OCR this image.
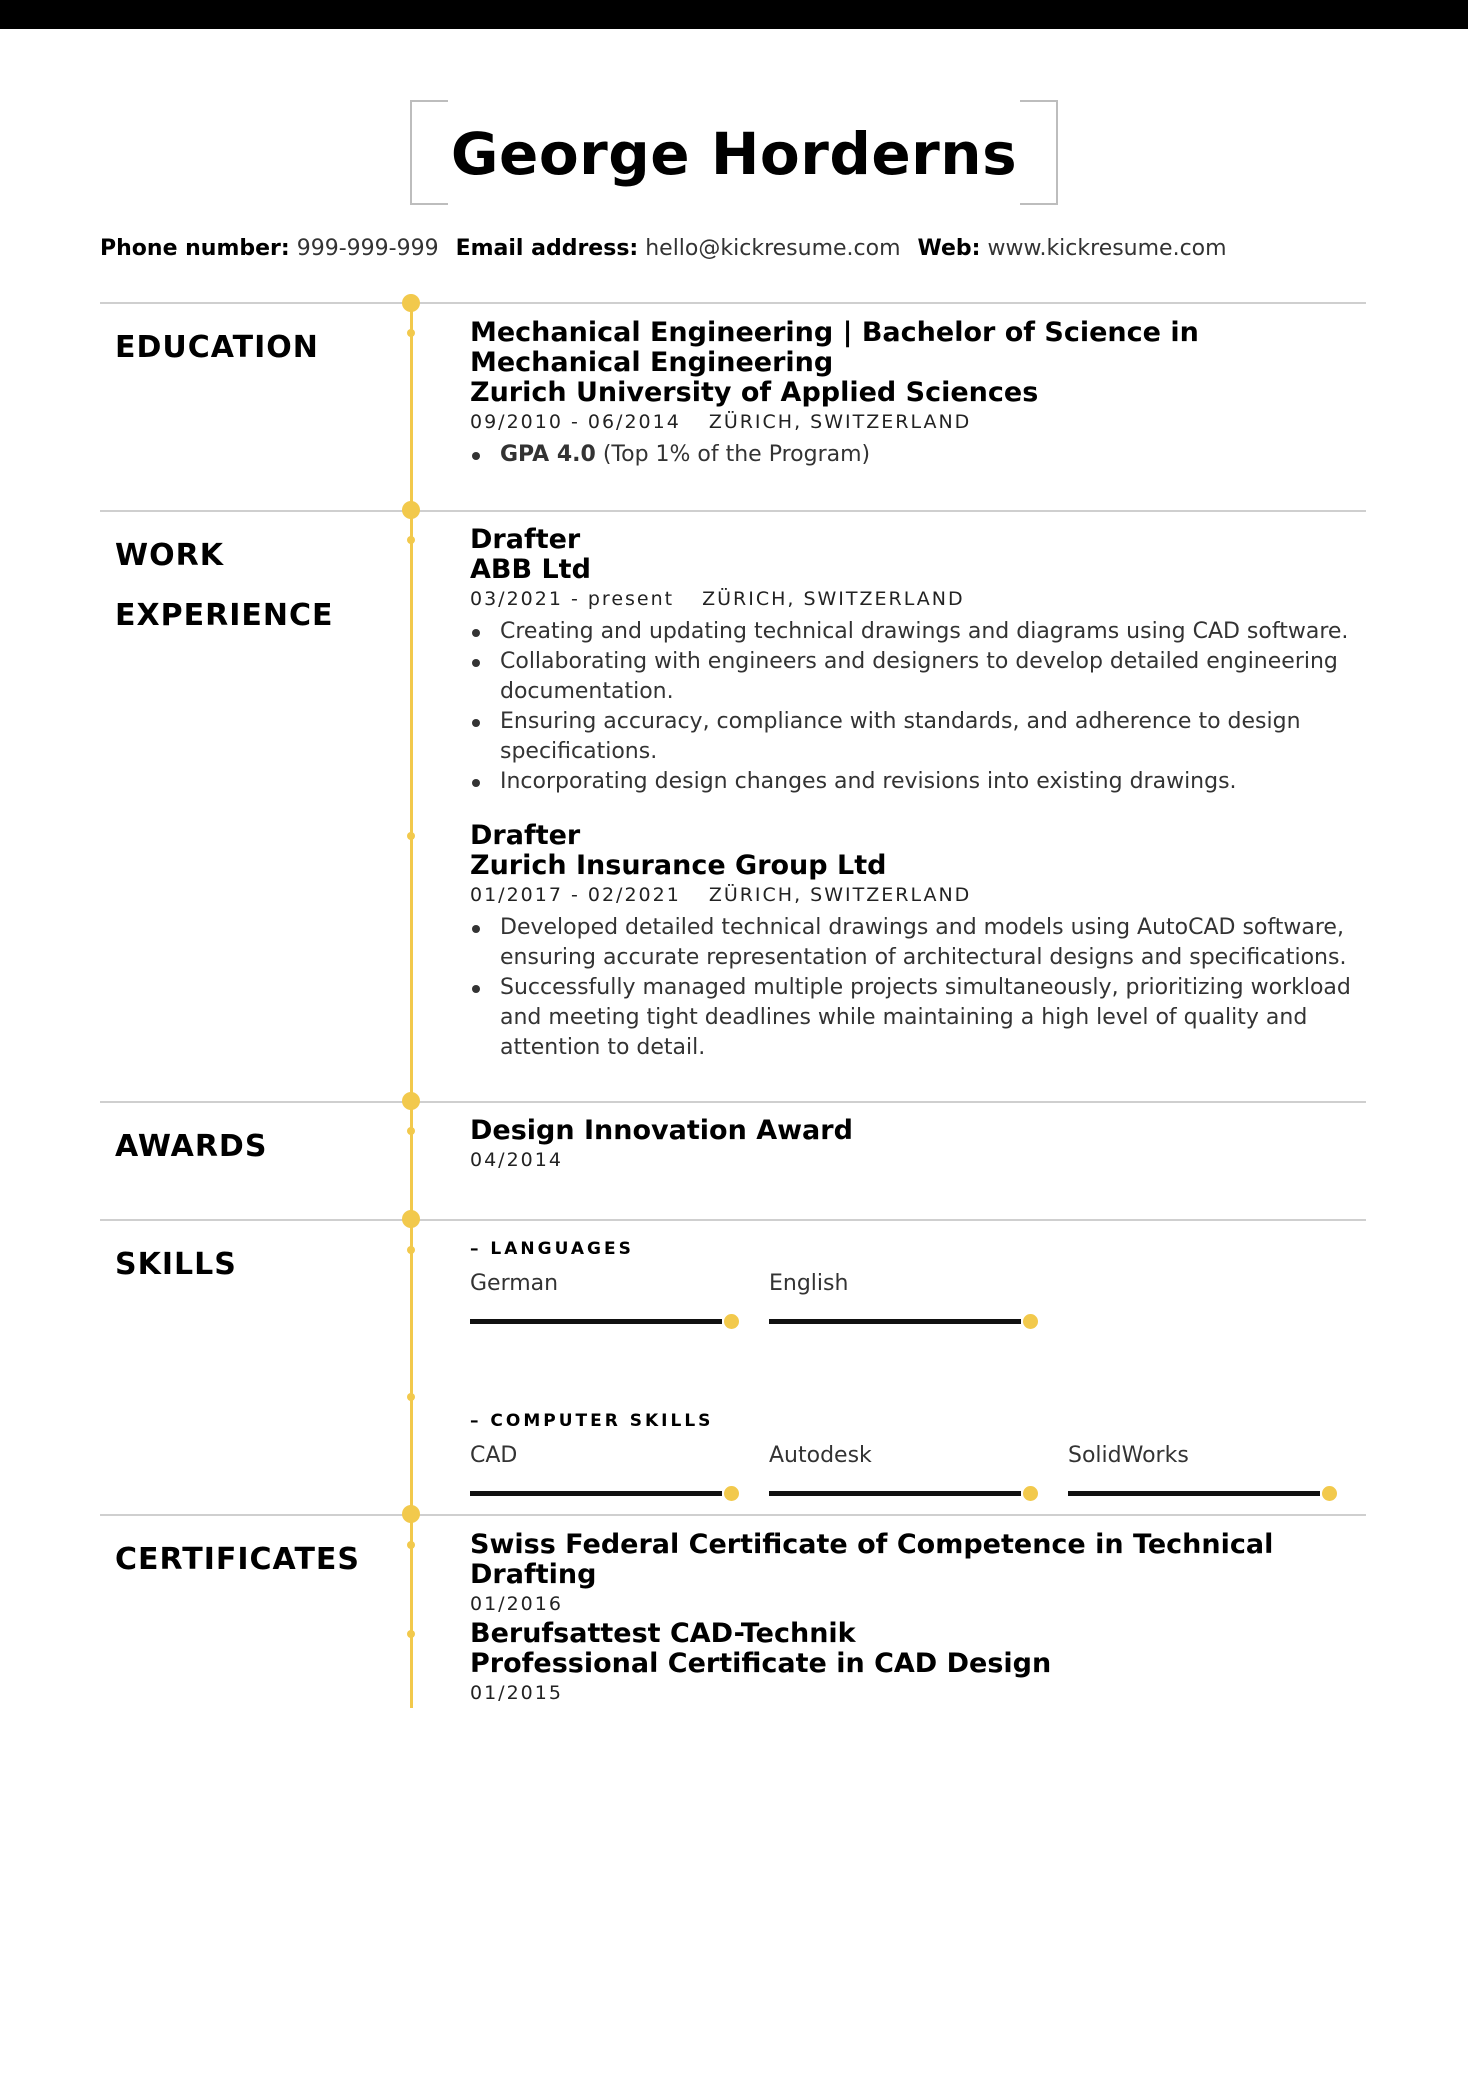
George Horderns
Phone number: 999-999-999 Email address: hello@kickresume.com Web: www.kickresume.com
EDUCATION	Mechanical Engineering | Bachelor of Science in Mechanical Engineering

Zurich University of Applied Sciences

09/2010 - 06/2014 ZÜRICH, SWITZERLAND

GPA 4.0 (Top 1% of the Program)
WORK
EXPERIENCE

Drafter

ABB Ltd

03/2021 - present ZÜRICH, SWITZERLAND

Creating and updating technical drawings and diagrams using CAD software.
Collaborating with engineers and designers to develop detailed engineering documentation.
Ensuring accuracy, compliance with standards, and adherence to design specifications.
Incorporating design changes and revisions into existing drawings.

Drafter

Zurich Insurance Group Ltd

01/2017 - 02/2021 ZÜRICH, SWITZERLAND

Developed detailed technical drawings and models using AutoCAD software, ensuring accurate representation of architectural designs and specifications.
Successfully managed multiple projects simultaneously, prioritizing workload and meeting tight deadlines while maintaining a high level of quality and attention to detail.
AWARDS	Design Innovation Award

04/2014

SKILLS	– LANGUAGES

German	English

– COMPUTER SKILLS

CAD	Autodesk	SolidWorks
CERTIFICATES	Swiss Federal Certificate of Competence in Technical Drafting

01/2016

Berufsattest CAD-Technik

Professional Certificate in CAD Design

01/2015
